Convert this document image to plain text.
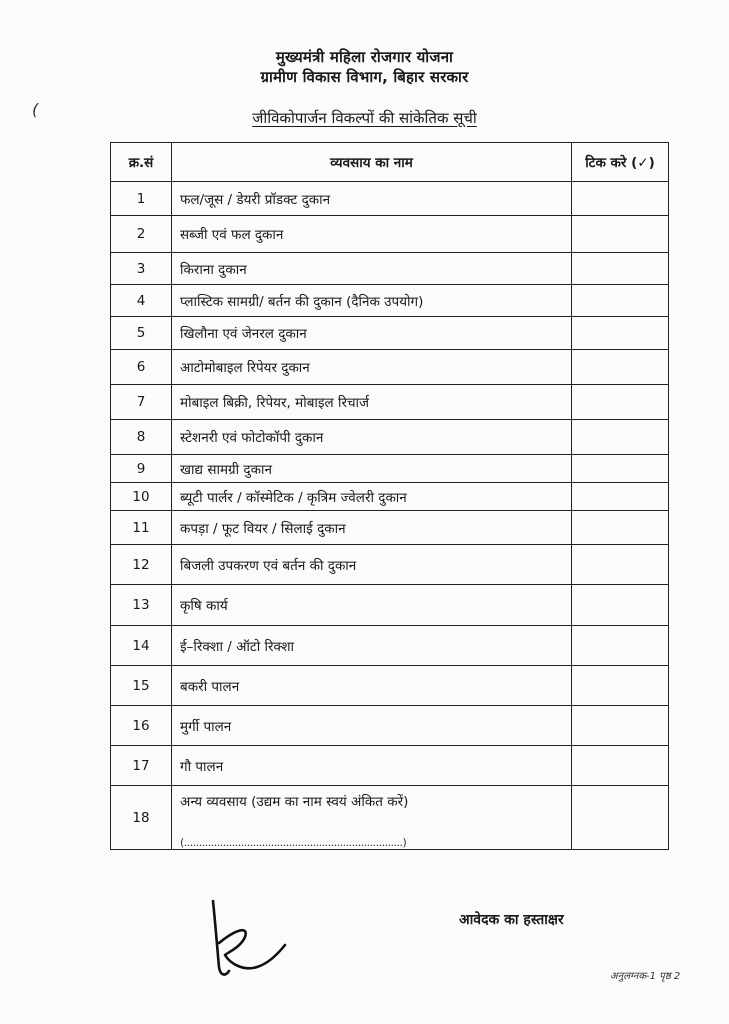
मुख्यमंत्री महिला रोजगार योजना
ग्रामीण विकास विभाग, बिहार सरकार
जीविकोपार्जन विकल्पों की सांकेतिक सूची
(
क्र.सं	व्यवसाय का नाम	टिक करे (✓)
1	फल/जूस / डेयरी प्रॉडक्ट दुकान	
2	सब्जी एवं फल दुकान	
3	किराना दुकान	
4	प्लास्टिक सामग्री/ बर्तन की दुकान (दैनिक उपयोग)	
5	खिलौना एवं जेनरल दुकान	
6	आटोमोबाइल रिपेयर दुकान	
7	मोबाइल बिक्री, रिपेयर, मोबाइल रिचार्ज	
8	स्टेशनरी एवं फोटोकॉपी दुकान	
9	खाद्य सामग्री दुकान	
10	ब्यूटी पार्लर / कॉस्मेटिक / कृत्रिम ज्वेलरी दुकान	
11	कपड़ा / फूट वियर / सिलाई दुकान	
12	बिजली उपकरण एवं बर्तन की दुकान	
13	कृषि कार्य	
14	ई–रिक्शा / ऑटो रिक्शा	
15	बकरी पालन	
16	मुर्गी पालन	
17	गौ पालन	
18	अन्य व्यवसाय (उद्यम का नाम स्वयं अंकित करें)
(.........................................................................)	

आवेदक का हस्ताक्षर
अनुलग्नक-1 पृष्ठ 2
